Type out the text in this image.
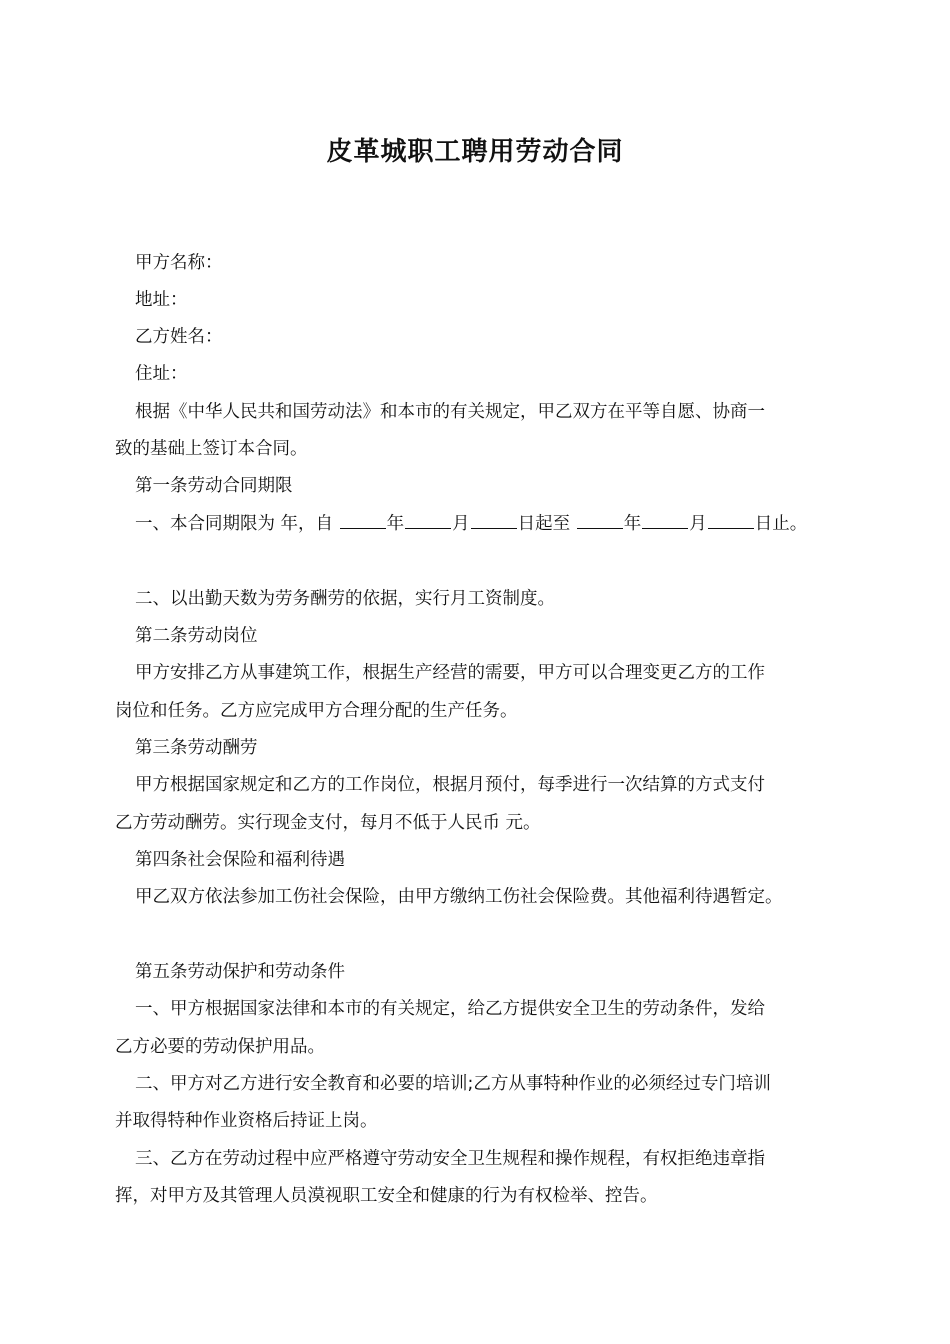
皮革城职工聘用劳动合同
甲方名称：
地址：
乙方姓名：
住址：
根据《中华人民共和国劳动法》和本市的有关规定，甲乙双方在平等自愿、协商一
致的基础上签订本合同。
第一条劳动合同期限
一、本合同期限为 年，自	年	月	日起至	年	月	日止。
二、以出勤天数为劳务酬劳的依据，实行月工资制度。
第二条劳动岗位
甲方安排乙方从事建筑工作，根据生产经营的需要，甲方可以合理变更乙方的工作
岗位和任务。乙方应完成甲方合理分配的生产任务。
第三条劳动酬劳
甲方根据国家规定和乙方的工作岗位，根据月预付，每季进行一次结算的方式支付
乙方劳动酬劳。实行现金支付，每月不低于人民币 元。
第四条社会保险和福利待遇
甲乙双方依法参加工伤社会保险，由甲方缴纳工伤社会保险费。其他福利待遇暂定。
第五条劳动保护和劳动条件
一、甲方根据国家法律和本市的有关规定，给乙方提供安全卫生的劳动条件，发给
乙方必要的劳动保护用品。
二、甲方对乙方进行安全教育和必要的培训;乙方从事特种作业的必须经过专门培训
并取得特种作业资格后持证上岗。
三、乙方在劳动过程中应严格遵守劳动安全卫生规程和操作规程，有权拒绝违章指
挥，对甲方及其管理人员漠视职工安全和健康的行为有权检举、控告。
